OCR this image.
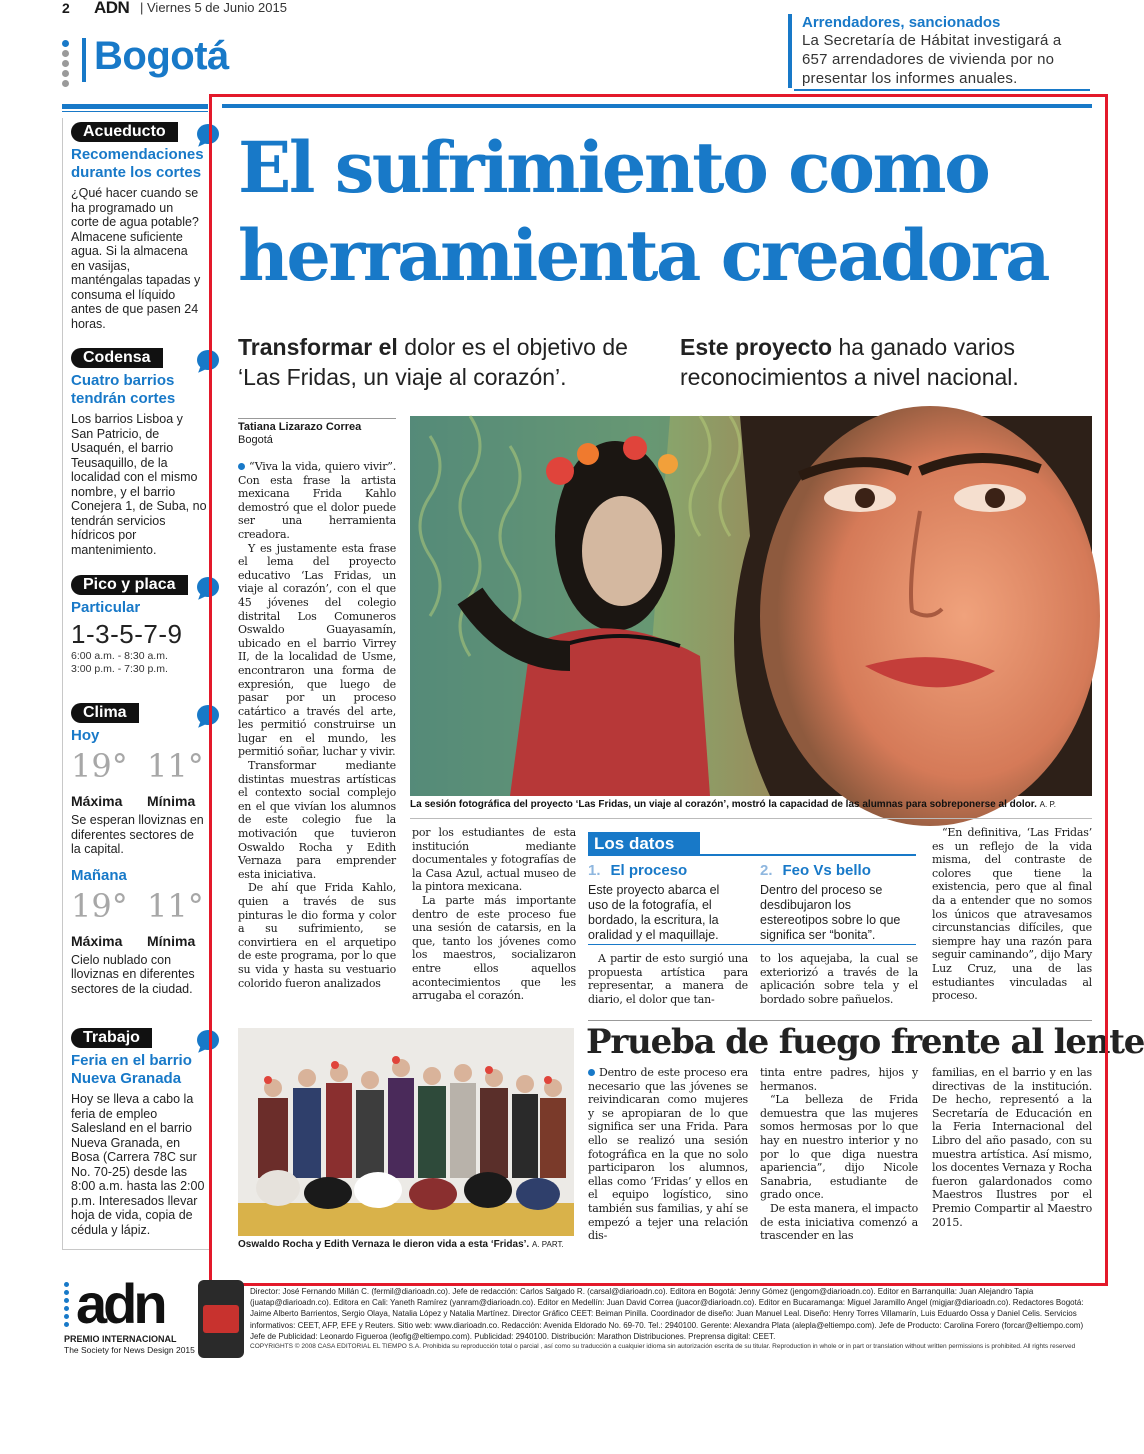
2 ADN | Viernes 5 de Junio 2015
Bogotá
Arrendadores, sancionados
La Secretaría de Hábitat investigará a 657 arrendadores de vivienda por no presentar los informes anuales.
Acueducto
Recomendaciones
durante los cortes
¿Qué hacer cuando se
ha programado un
corte de agua potable?
Almacene suficiente
agua. Si la almacena
en vasijas,
manténgalas tapadas y
consuma el líquido
antes de que pasen 24
horas.
Codensa
Cuatro barrios
tendrán cortes
Los barrios Lisboa y
San Patricio, de
Usaquén, el barrio
Teusaquillo, de la
localidad con el mismo
nombre, y el barrio
Conejera 1, de Suba, no
tendrán servicios
hídricos por
mantenimiento.
Pico y placa
Particular
1-3-5-7-9
6:00 a.m. - 8:30 a.m.
3:00 p.m. - 7:30 p.m.
Clima
Hoy
19° 11°
Máxima Mínima
Se esperan lloviznas en
diferentes sectores de
la capital.
Mañana
19° 11°
Máxima Mínima
Cielo nublado con
lloviznas en diferentes
sectores de la ciudad.
Trabajo
Feria en el barrio
Nueva Granada
Hoy se lleva a cabo la
feria de empleo
Salesland en el barrio
Nueva Granada, en
Bosa (Carrera 78C sur
No. 70-25) desde las
8:00 a.m. hasta las 2:00
p.m. Interesados llevar
hoja de vida, copia de
cédula y lápiz.
El sufrimiento como herramienta creadora
Transformar el dolor es el objetivo de ‘Las Fridas, un viaje al corazón’.
Este proyecto ha ganado varios reconocimientos a nivel nacional.
Tatiana Lizarazo Correa
Bogotá

“Viva la vida, quiero vivir”. Con esta frase la artista mexicana Frida Kahlo demostró que el dolor puede ser una herramienta creadora.

Y es justamente esta frase el lema del proyecto educativo ‘Las Fridas, un viaje al corazón’, con el que 45 jóvenes del colegio distrital Los Comuneros Oswaldo Guayasamín, ubicado en el barrio Virrey II, de la localidad de Usme, encontraron una forma de expresión, que luego de pasar por un proceso catártico a través del arte, les permitió construirse un lugar en el mundo, les permitió soñar, luchar y vivir.

Transformar mediante distintas muestras artísticas el contexto social complejo en el que vivían los alumnos de este colegio fue la motivación que tuvieron Oswaldo Rocha y Edith Vernaza para emprender esta iniciativa.

De ahí que Frida Kahlo, quien a través de sus pinturas le dio forma y color a su sufrimiento, se convirtiera en el arquetipo de este programa, por lo que su vida y hasta su vestuario colorido fueron analizados

La sesión fotográfica del proyecto ‘Las Fridas, un viaje al corazón’, mostró la capacidad de las alumnas para sobreponerse al dolor. A. P.

por los estudiantes de esta institución mediante documentales y fotografías de la Casa Azul, actual museo de la pintora mexicana.

La parte más importante dentro de este proceso fue una sesión de catarsis, en la que, tanto los jóvenes como los maestros, socializaron entre ellos aquellos acontecimientos que les arrugaba el corazón.

Los datos
1. El proceso
Este proyecto abarca el uso de la fotografía, el bordado, la escritura, la oralidad y el maquillaje.
2. Feo Vs bello
Dentro del proceso se desdibujaron los estereotipos sobre lo que significa ser “bonita”.

A partir de esto surgió una propuesta artística para representar, a manera de diario, el dolor que tan-

to los aquejaba, la cual se exteriorizó a través de la aplicación sobre tela y el bordado sobre pañuelos.

“En definitiva, ‘Las Fridas’ es un reflejo de la vida misma, del contraste de colores que tiene la existencia, pero que al final da a entender que no somos los únicos que atravesamos circunstancias difíciles, que siempre hay una razón para seguir caminando”, dijo Mary Luz Cruz, una de las estudiantes vinculadas al proceso.

Prueba de fuego frente al lente
Oswaldo Rocha y Edith Vernaza le dieron vida a esta ‘Fridas’. A. PART.

Dentro de este proceso era necesario que las jóvenes se reivindicaran como mujeres y se apropiaran de lo que significa ser una Frida. Para ello se realizó una sesión fotográfica en la que no solo participaron los alumnos, ellas como ‘Fridas’ y ellos en el equipo logístico, sino también sus familias, y ahí se empezó a tejer una relación dis-

tinta entre padres, hijos y hermanos.

“La belleza de Frida demuestra que las mujeres somos hermosas por lo que hay en nuestro interior y no por lo que diga nuestra apariencia”, dijo Nicole Sanabria, estudiante de grado once.

De esta manera, el impacto de esta iniciativa comenzó a trascender en las

familias, en el barrio y en las directivas de la institución. De hecho, representó a la Secretaría de Educación en la Feria Internacional del Libro del año pasado, con su muestra artística. Así mismo, los docentes Vernaza y Rocha fueron galardonados como Maestros Ilustres por el Premio Compartir al Maestro 2015.

adn
PREMIO INTERNACIONAL
The Society for News Design 2015
Director: José Fernando Millán C. (fermil@diarioadn.co). Jefe de redacción: Carlos Salgado R. (carsal@diarioadn.co). Editora en Bogotá: Jenny Gómez (jengom@diarioadn.co). Editor en Barranquilla: Juan Alejandro Tapia (juatap@diarioadn.co). Editora en Cali: Yaneth Ramírez (yanram@diarioadn.co). Editor en Medellín: Juan David Correa (juacor@diarioadn.co). Editor en Bucaramanga: Miguel Jaramillo Angel (migjar@diarioadn.co). Redactores Bogotá: Jaime Alberto Barrientos, Sergio Olaya, Natalia López y Natalia Martínez. Director Gráfico CEET: Beiman Pinilla. Coordinador de diseño: Juan Manuel Leal. Diseño: Henry Torres Villamarín, Luis Eduardo Ossa y Daniel Celis. Servicios informativos: CEET, AFP, EFE y Reuters. Sitio web: www.diarioadn.co. Redacción: Avenida Eldorado No. 69-70. Tel.: 2940100. Gerente: Alexandra Plata (alepla@eltiempo.com). Jefe de Producto: Carolina Forero (forcar@eltiempo.com) Jefe de Publicidad: Leonardo Figueroa (leofig@eltiempo.com). Publicidad: 2940100. Distribución: Marathon Distribuciones. Preprensa digital: CEET.
COPYRIGHTS © 2008 CASA EDITORIAL EL TIEMPO S.A. Prohibida su reproducción total o parcial , así como su traducción a cualquier idioma sin autorización escrita de su titular. Reproduction in whole or in part or translation without written permissions is prohibited. All rights reserved
